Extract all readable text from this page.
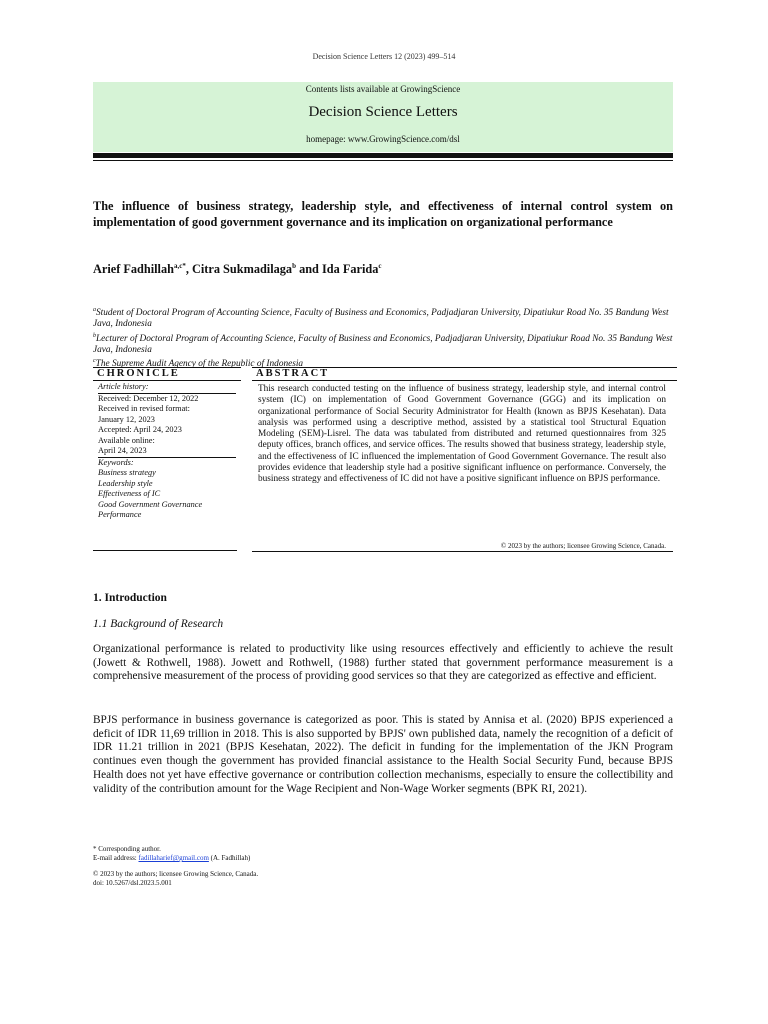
Decision Science Letters 12 (2023) 499–514
Contents lists available at GrowingScience
Decision Science Letters
homepage: www.GrowingScience.com/dsl
The influence of business strategy, leadership style, and effectiveness of internal control system on implementation of good government governance and its implication on organizational performance
Arief Fadhillah$^{a,c*}$, Citra Sukmadilaga$^b$ and Ida Farida$^c$
$^a$Student of Doctoral Program of Accounting Science, Faculty of Business and Economics, Padjadjaran University, Dipatiukur Road No. 35 Bandung West Java, Indonesia
$^b$Lecturer of Doctoral Program of Accounting Science, Faculty of Business and Economics, Padjadjaran University, Dipatiukur Road No. 35 Bandung West Java, Indonesia
$^c$The Supreme Audit Agency of the Republic of Indonesia
CHRONICLE	ABSTRACT
Article history:
Received: December 12, 2022
Received in revised format:
January 12, 2023
Accepted: April 24, 2023
Available online:
April 24, 2023
Keywords:
Business strategy
Leadership style
Effectiveness of IC
Good Government Governance
Performance
This research conducted testing on the influence of business strategy, leadership style, and internal control system (IC) on implementation of Good Government Governance (GGG) and its implication on organizational performance of Social Security Administrator for Health (known as BPJS Kesehatan). Data analysis was performed using a descriptive method, assisted by a statistical tool Structural Equation Modeling (SEM)-Lisrel. The data was tabulated from distributed and returned questionnaires from 325 deputy offices, branch offices, and service offices. The results showed that business strategy, leadership style, and the effectiveness of IC influenced the implementation of Good Government Governance. The result also provides evidence that leadership style had a positive significant influence on performance. Conversely, the business strategy and effectiveness of IC did not have a positive significant influence on BPJS performance.
© 2023 by the authors; licensee Growing Science, Canada.
1. Introduction
1.1 Background of Research
Organizational performance is related to productivity like using resources effectively and efficiently to achieve the result (Jowett & Rothwell, 1988). Jowett and Rothwell, (1988) further stated that government performance measurement is a comprehensive measurement of the process of providing good services so that they are categorized as effective and efficient.
BPJS performance in business governance is categorized as poor. This is stated by Annisa et al. (2020) BPJS experienced a deficit of IDR 11,69 trillion in 2018. This is also supported by BPJS' own published data, namely the recognition of a deficit of IDR 11.21 trillion in 2021 (BPJS Kesehatan, 2022). The deficit in funding for the implementation of the JKN Program continues even though the government has provided financial assistance to the Health Social Security Fund, because BPJS Health does not yet have effective governance or contribution collection mechanisms, especially to ensure the collectibility and validity of the contribution amount for the Wage Recipient and Non-Wage Worker segments (BPK RI, 2021).
* Corresponding author.
E-mail address: fadillaharief@gmail.com (A. Fadhillah)
© 2023 by the authors; licensee Growing Science, Canada.
doi: 10.5267/dsl.2023.5.001
